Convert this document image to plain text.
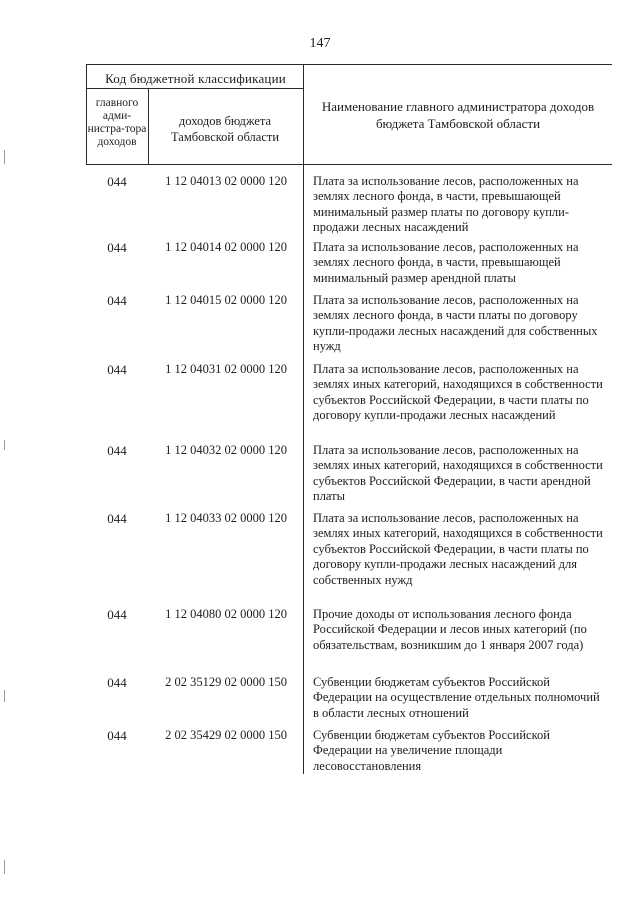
147
Код бюджетной классификации
главного адми-нистра-тора доходов
доходов бюджета Тамбовской области
Наименование главного администратора доходов бюджета Тамбовской области
044	1 12 04013 02 0000 120	Плата за использование лесов, расположенных на землях лесного фонда, в части, превышающей минимальный размер платы по договору купли-продажи лесных насаждений
044	1 12 04014 02 0000 120	Плата за использование лесов, расположенных на землях лесного фонда, в части, превышающей минимальный размер арендной платы
044	1 12 04015 02 0000 120	Плата за использование лесов, расположенных на землях лесного фонда, в части платы по договору купли-продажи лесных насаждений для собственных нужд
044	1 12 04031 02 0000 120	Плата за использование лесов, расположенных на землях иных категорий, находящихся в собственности субъектов Российской Федерации, в части платы по договору купли-продажи лесных насаждений
044	1 12 04032 02 0000 120	Плата за использование лесов, расположенных на землях иных категорий, находящихся в собственности субъектов Российской Федерации, в части арендной платы
044	1 12 04033 02 0000 120	Плата за использование лесов, расположенных на землях иных категорий, находящихся в собственности субъектов Российской Федерации, в части платы по договору купли-продажи лесных насаждений для собственных нужд
044	1 12 04080 02 0000 120	Прочие доходы от использования лесного фонда Российской Федерации и лесов иных категорий (по обязательствам, возникшим до 1 января 2007 года)
044	2 02 35129 02 0000 150	Субвенции бюджетам субъектов Российской Федерации на осуществление отдельных полномочий в области лесных отношений
044	2 02 35429 02 0000 150	Субвенции бюджетам субъектов Российской Федерации на увеличение площади лесовосстановления
